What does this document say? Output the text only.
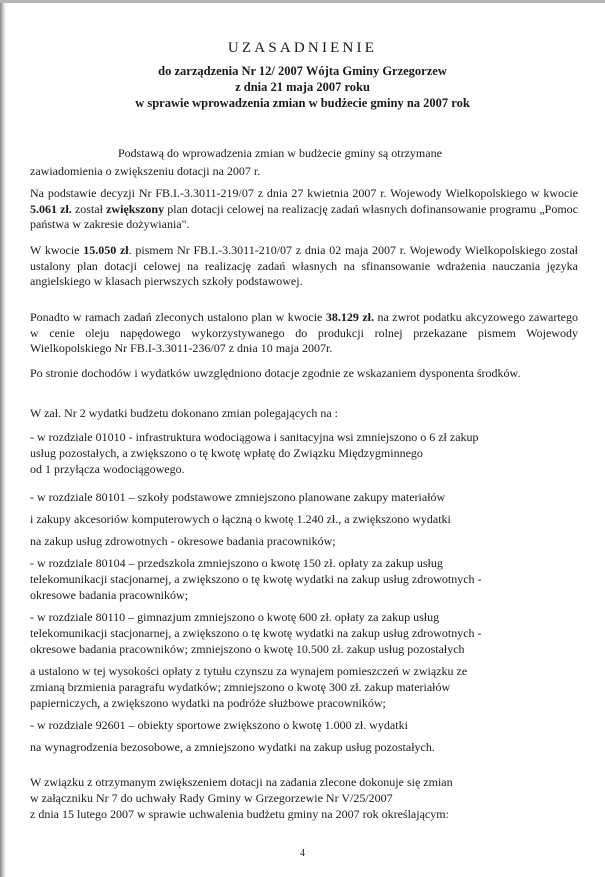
UZASADNIENIE
do zarządzenia Nr 12/ 2007 Wójta Gminy Grzegorzew
z dnia 21 maja 2007 roku
w sprawie wprowadzenia zmian w budżecie gminy na 2007 rok
Podstawą do wprowadzenia zmian w budżecie gminy są otrzymane
zawiadomienia o zwiększeniu dotacji na 2007 r.
Na podstawie decyzji Nr FB.I.-3.3011-219/07 z dnia 27 kwietnia 2007 r. Wojewody Wielkopolskiego w kwocie 5.061 zł. został zwiększony plan dotacji celowej na realizację zadań własnych dofinansowanie programu „Pomoc państwa w zakresie dożywiania".
W kwocie 15.050 zł. pismem Nr FB.I.-3.3011-210/07 z dnia 02 maja 2007 r. Wojewody Wielkopolskiego został ustalony plan dotacji celowej na realizację zadań własnych na sfinansowanie wdrażenia nauczania języka angielskiego w klasach pierwszych szkoły podstawowej.
Ponadto w ramach zadań zleconych ustalono plan w kwocie 38.129 zł. na zwrot podatku akcyzowego zawartego w cenie oleju napędowego wykorzystywanego do produkcji rolnej przekazane pismem Wojewody Wielkopolskiego Nr FB.I-3.3011-236/07 z dnia 10 maja 2007r.
Po stronie dochodów i wydatków uwzględniono dotacje zgodnie ze wskazaniem dysponenta środków.
W zał. Nr 2 wydatki budżetu dokonano zmian polegających na :
- w rozdziale 01010 - infrastruktura wodociągowa i sanitacyjna wsi zmniejszono o 6 zł zakup
usług pozostałych, a zwiększono o tę kwotę wpłatę do Związku Międzygminnego
od 1 przyłącza wodociągowego.
- w rozdziale 80101 – szkoły podstawowe zmniejszono planowane zakupy materiałów
i zakupy akcesoriów komputerowych o łączną o kwotę 1.240 zł., a zwiększono wydatki
na zakup usług zdrowotnych - okresowe badania pracowników;
- w rozdziale 80104 – przedszkola zmniejszono o kwotę 150 zł. opłaty za zakup usług
telekomunikacji stacjonarnej, a zwiększono o tę kwotę wydatki na zakup usług zdrowotnych -
okresowe badania pracowników;
- w rozdziale 80110 – gimnazjum zmniejszono o kwotę 600 zł. opłaty za zakup usług
telekomunikacji stacjonarnej, a zwiększono o tę kwotę wydatki na zakup usług zdrowotnych -
okresowe badania pracowników; zmniejszono o kwotę 10.500 zł. zakup usług pozostałych
a ustalono w tej wysokości opłaty z tytułu czynszu za wynajem pomieszczeń w związku ze
zmianą brzmienia paragrafu wydatków; zmniejszono o kwotę 300 zł. zakup materiałów
papierniczych, a zwiększono wydatki na podróże służbowe pracowników;
- w rozdziale 92601 – obiekty sportowe zwiększono o kwotę 1.000 zł. wydatki
na wynagrodzenia bezosobowe, a zmniejszono wydatki na zakup usług pozostałych.
W związku z otrzymanym zwiększeniem dotacji na zadania zlecone dokonuje się zmian
w załączniku Nr 7 do uchwały Rady Gminy w Grzegorzewie Nr V/25/2007
z dnia 15 lutego 2007 w sprawie uchwalenia budżetu gminy na 2007 rok określającym:
4
